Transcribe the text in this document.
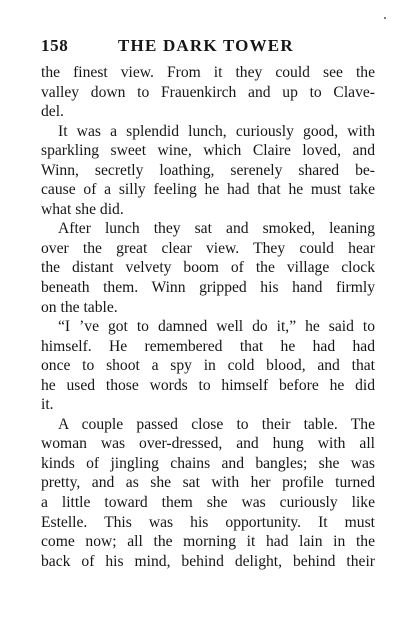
158	THE DARK TOWER
the finest view. From it they could see the
valley down to Frauenkirch and up to Clave-
del.
It was a splendid lunch, curiously good, with
sparkling sweet wine, which Claire loved, and
Winn, secretly loathing, serenely shared be-
cause of a silly feeling he had that he must take
what she did.
After lunch they sat and smoked, leaning
over the great clear view. They could hear
the distant velvety boom of the village clock
beneath them. Winn gripped his hand firmly
on the table.
“I ’ve got to damned well do it,” he said to
himself. He remembered that he had had
once to shoot a spy in cold blood, and that
he used those words to himself before he did
it.
A couple passed close to their table. The
woman was over-dressed, and hung with all
kinds of jingling chains and bangles; she was
pretty, and as she sat with her profile turned
a little toward them she was curiously like
Estelle. This was his opportunity. It must
come now; all the morning it had lain in the
back of his mind, behind delight, behind their
